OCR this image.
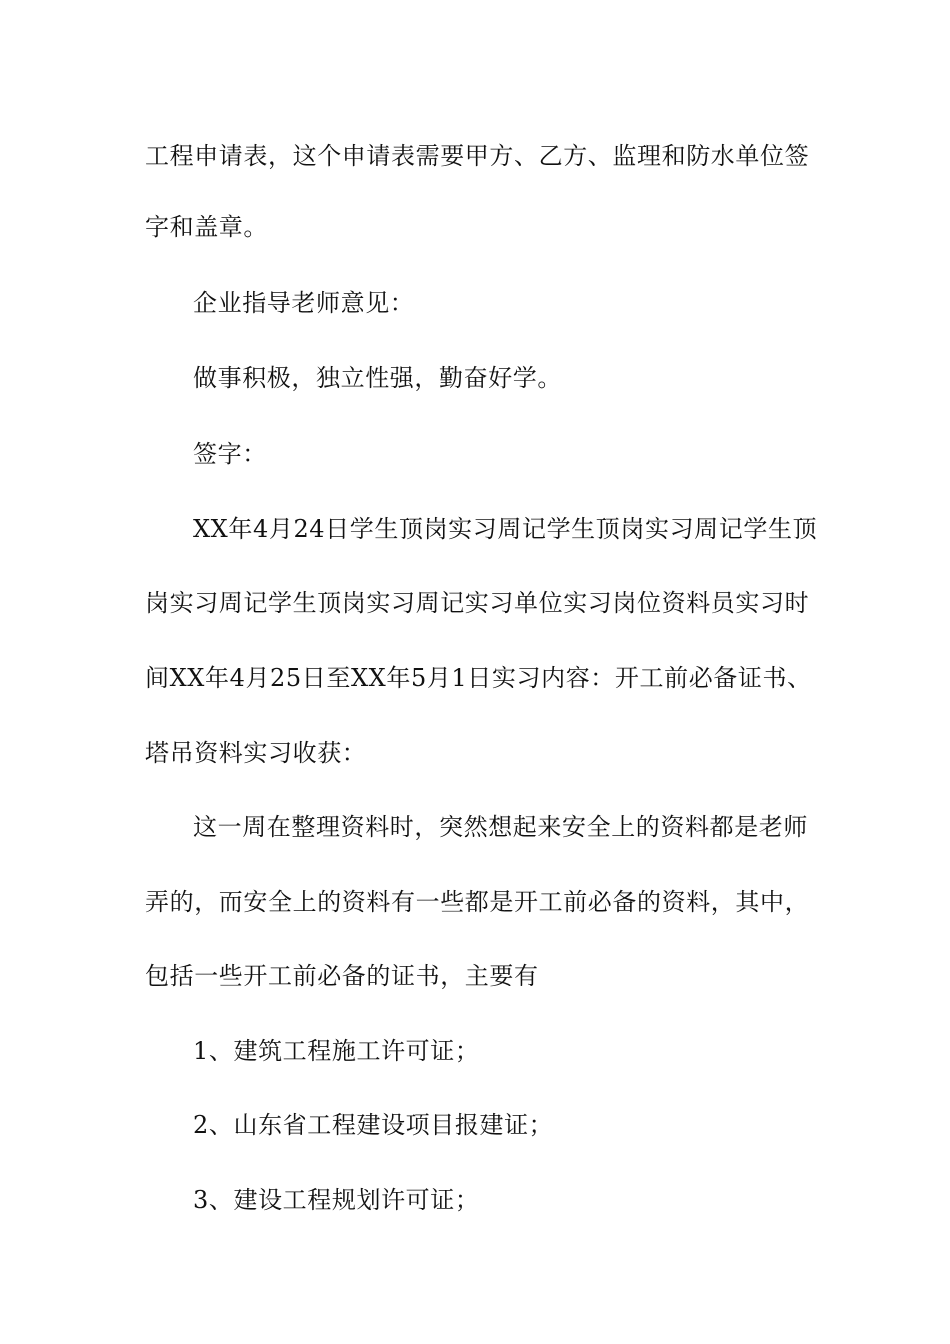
工程申请表，这个申请表需要甲方、乙方、监理和防水单位签
字和盖章。
企业指导老师意见：
做事积极，独立性强，勤奋好学。
签字：
XX年4月24日学生顶岗实习周记学生顶岗实习周记学生顶
岗实习周记学生顶岗实习周记实习单位实习岗位资料员实习时
间XX年4月25日至XX年5月1日实习内容：开工前必备证书、
塔吊资料实习收获：
这一周在整理资料时，突然想起来安全上的资料都是老师
弄的，而安全上的资料有一些都是开工前必备的资料，其中，
包括一些开工前必备的证书，主要有
1、建筑工程施工许可证；
2、山东省工程建设项目报建证；
3、建设工程规划许可证；
